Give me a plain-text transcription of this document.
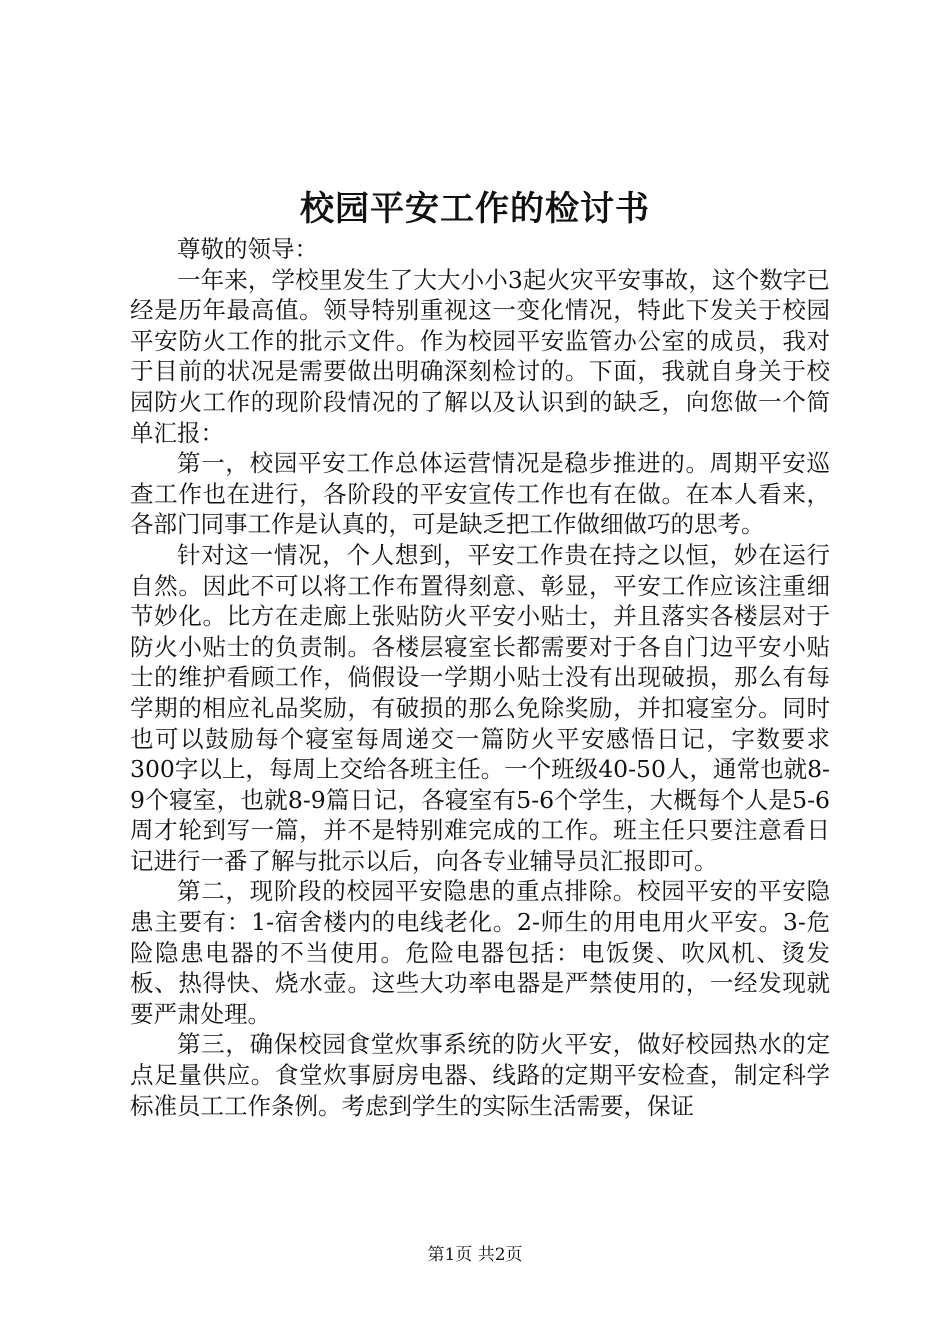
校园平安工作的检讨书

尊敬的领导：

一年来，学校里发生了大大小小3起火灾平安事故，这个数字已经是历年最高值。领导特别重视这一变化情况，特此下发关于校园平安防火工作的批示文件。作为校园平安监管办公室的成员，我对于目前的状况是需要做出明确深刻检讨的。下面，我就自身关于校园防火工作的现阶段情况的了解以及认识到的缺乏，向您做一个简单汇报：

第一，校园平安工作总体运营情况是稳步推进的。周期平安巡查工作也在进行，各阶段的平安宣传工作也有在做。在本人看来，各部门同事工作是认真的，可是缺乏把工作做细做巧的思考。

针对这一情况，个人想到，平安工作贵在持之以恒，妙在运行自然。因此不可以将工作布置得刻意、彰显，平安工作应该注重细节妙化。比方在走廊上张贴防火平安小贴士，并且落实各楼层对于防火小贴士的负责制。各楼层寝室长都需要对于各自门边平安小贴士的维护看顾工作，倘假设一学期小贴士没有出现破损，那么有每学期的相应礼品奖励，有破损的那么免除奖励，并扣寝室分。同时也可以鼓励每个寝室每周递交一篇防火平安感悟日记，字数要求300字以上，每周上交给各班主任。一个班级40-50人，通常也就8-9个寝室，也就8-9篇日记，各寝室有5-6个学生，大概每个人是5-6周才轮到写一篇，并不是特别难完成的工作。班主任只要注意看日记进行一番了解与批示以后，向各专业辅导员汇报即可。

第二，现阶段的校园平安隐患的重点排除。校园平安的平安隐患主要有：1-宿舍楼内的电线老化。2-师生的用电用火平安。3-危险隐患电器的不当使用。危险电器包括：电饭煲、吹风机、烫发板、热得快、烧水壶。这些大功率电器是严禁使用的，一经发现就要严肃处理。

第三，确保校园食堂炊事系统的防火平安，做好校园热水的定点足量供应。食堂炊事厨房电器、线路的定期平安检查，制定科学标准员工工作条例。考虑到学生的实际生活需要，保证

第1页 共2页
